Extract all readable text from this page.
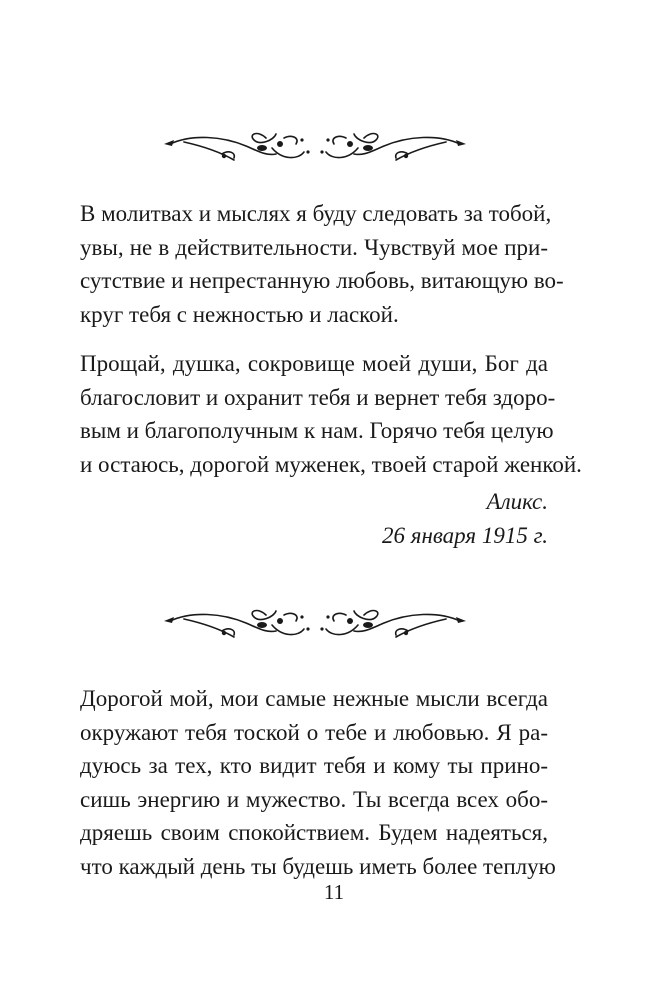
В молитвах и мыслях я буду следовать за тобой,
увы, не в действительности. Чувствуй мое при-
сутствие и непрестанную любовь, витающую во-
круг тебя с нежностью и лаской.
Прощай, душка, сокровище моей души, Бог да
благословит и охранит тебя и вернет тебя здоро-
вым и благополучным к нам. Горячо тебя целую
и остаюсь, дорогой муженек, твоей старой женкой.
Аликс.
26 января 1915 г.
Дорогой мой, мои самые нежные мысли всегда
окружают тебя тоской о тебе и любовью. Я ра-
дуюсь за тех, кто видит тебя и кому ты прино-
сишь энергию и мужество. Ты всегда всех обо-
дряешь своим спокойствием. Будем надеяться,
что каждый день ты будешь иметь более теплую
11
